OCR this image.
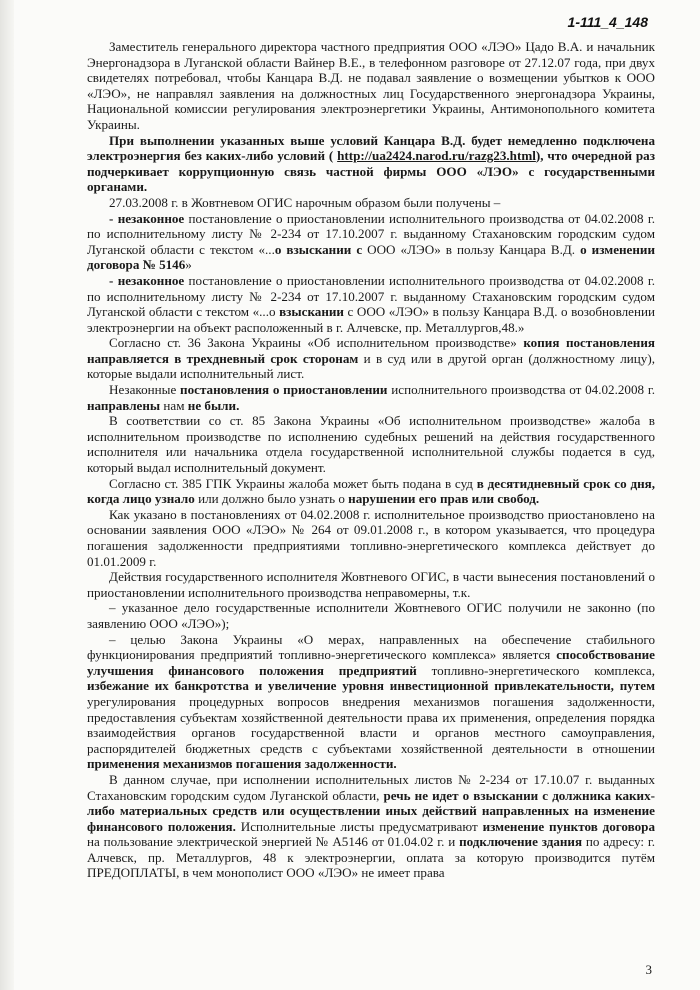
1-111_4_148

Заместитель генерального директора частного предприятия ООО «ЛЭО» Цадо В.А. и начальник Энергонадзора в Луганской области Вайнер В.Е., в телефонном разговоре от 27.12.07 года, при двух свидетелях потребовал, чтобы Канцара В.Д. не подавал заявление о возмещении убытков к ООО «ЛЭО», не направлял заявления на должностных лиц Государственного энергонадзора Украины, Национальной комиссии регулирования электроэнергетики Украины, Антимонопольного комитета Украины.

При выполнении указанных выше условий Канцара В.Д. будет немедленно подключена электроэнергия без каких-либо условий ( http://ua2424.narod.ru/razg23.html), что очередной раз подчеркивает коррупционную связь частной фирмы ООО «ЛЭО» с государственными органами.

27.03.2008 г. в Жовтневом ОГИС нарочным образом были получены –

- незаконное постановление о приостановлении исполнительного производства от 04.02.2008 г. по исполнительному листу № 2-234 от 17.10.2007 г. выданному Стахановским городским судом Луганской области с текстом «...о взыскании с ООО «ЛЭО» в пользу Канцара В.Д. о изменении договора № 5146»

- незаконное постановление о приостановлении исполнительного производства от 04.02.2008 г. по исполнительному листу № 2-234 от 17.10.2007 г. выданному Стахановским городским судом Луганской области с текстом «...о взыскании с ООО «ЛЭО» в пользу Канцара В.Д. о возобновлении электроэнергии на объект расположенный в г. Алчевске, пр. Металлургов,48.»

Согласно ст. 36 Закона Украины «Об исполнительном производстве» копия постановления направляется в трехдневный срок сторонам и в суд или в другой орган (должностному лицу), которые выдали исполнительный лист.

Незаконные постановления о приостановлении исполнительного производства от 04.02.2008 г. направлены нам не были.

В соответствии со ст. 85 Закона Украины «Об исполнительном производстве» жалоба в исполнительном производстве по исполнению судебных решений на действия государственного исполнителя или начальника отдела государственной исполнительной службы подается в суд, который выдал исполнительный документ.

Согласно ст. 385 ГПК Украины жалоба может быть подана в суд в десятидневный срок со дня, когда лицо узнало или должно было узнать о нарушении его прав или свобод.

Как указано в постановлениях от 04.02.2008 г. исполнительное производство приостановлено на основании заявления ООО «ЛЭО» № 264 от 09.01.2008 г., в котором указывается, что процедура погашения задолженности предприятиями топливно-энергетического комплекса действует до 01.01.2009 г.

Действия государственного исполнителя Жовтневого ОГИС, в части вынесения постановлений о приостановлении исполнительного производства неправомерны, т.к.

– указанное дело государственные исполнители Жовтневого ОГИС получили не законно (по заявлению ООО «ЛЭО»);

– целью Закона Украины «О мерах, направленных на обеспечение стабильного функционирования предприятий топливно-энергетического комплекса» является способствование улучшения финансового положения предприятий топливно-энергетического комплекса, избежание их банкротства и увеличение уровня инвестиционной привлекательности, путем урегулирования процедурных вопросов внедрения механизмов погашения задолженности, предоставления субъектам хозяйственной деятельности права их применения, определения порядка взаимодействия органов государственной власти и органов местного самоуправления, распорядителей бюджетных средств с субъектами хозяйственной деятельности в отношении применения механизмов погашения задолженности.

В данном случае, при исполнении исполнительных листов № 2-234 от 17.10.07 г. выданных Стахановским городским судом Луганской области, речь не идет о взыскании с должника каких-либо материальных средств или осуществлении иных действий направленных на изменение финансового положения. Исполнительные листы предусматривают изменение пунктов договора на пользование электрической энергией № А5146 от 01.04.02 г. и подключение здания по адресу: г. Алчевск, пр. Металлургов, 48 к электроэнергии, оплата за которую производится путём ПРЕДОПЛАТЫ, в чем монополист ООО «ЛЭО» не имеет права

3
